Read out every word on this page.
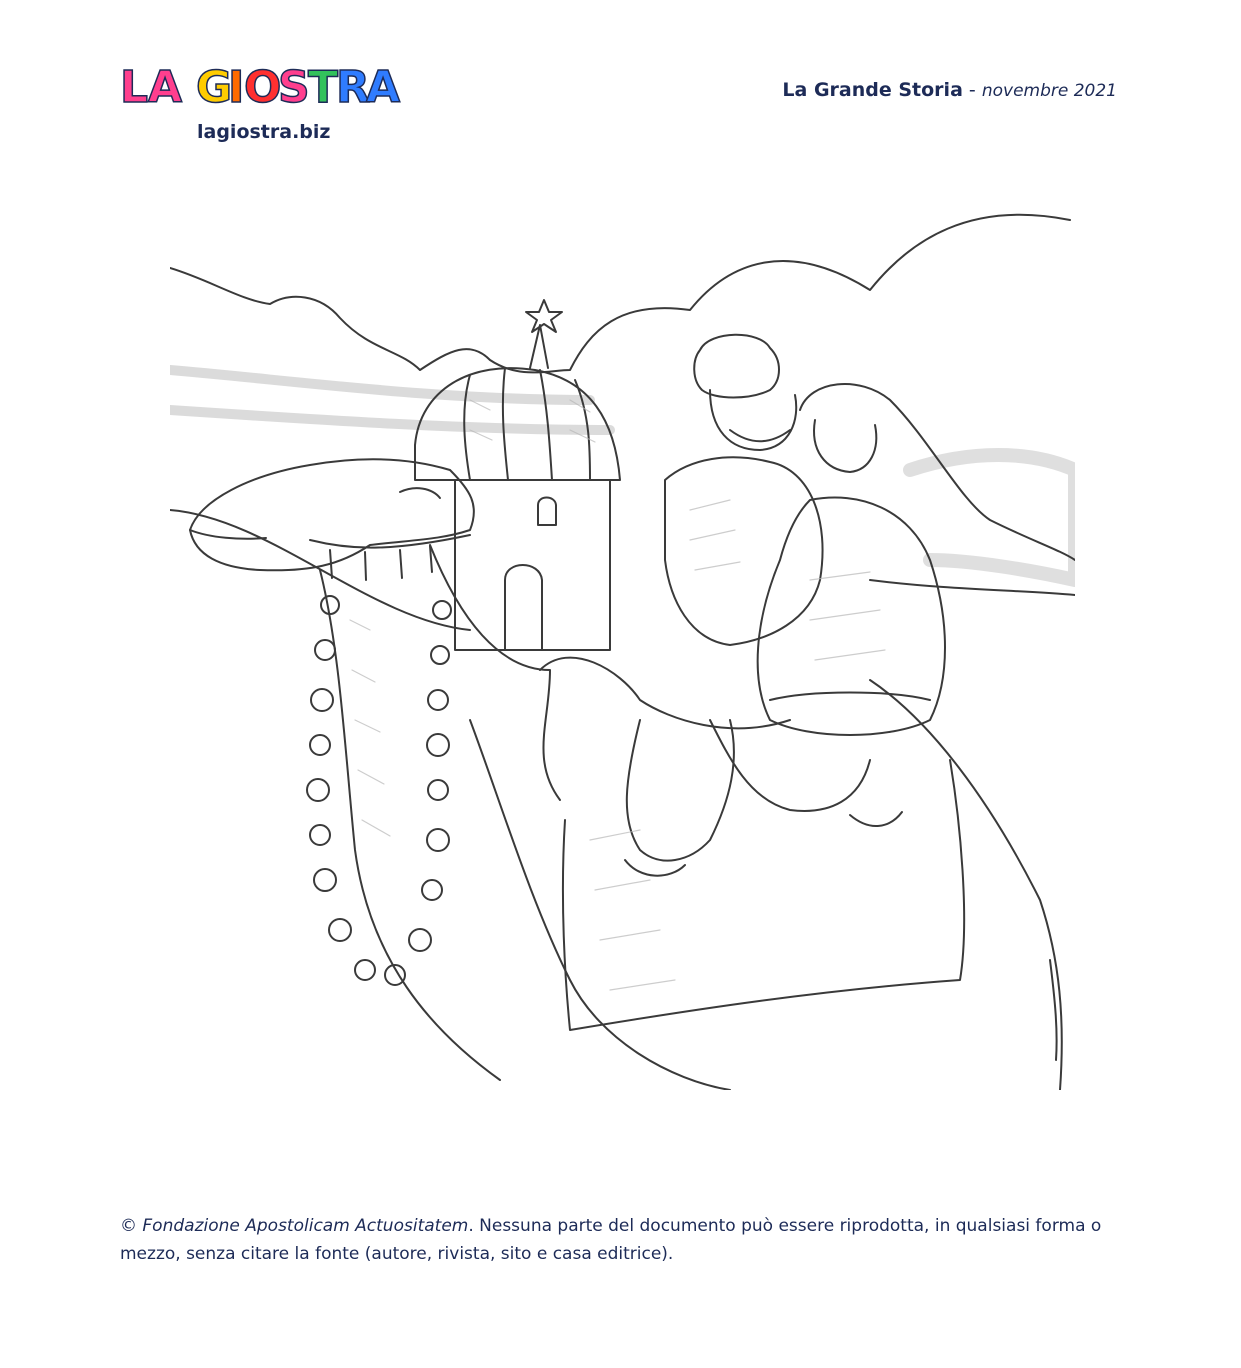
L A G
I O
S
T
R
A
lagiostra.biz
La Grande Storia - novembre 2021
© Fondazione Apostolicam Actuositatem. Nessuna parte del documento può essere riprodotta, in qualsiasi forma o mezzo, senza citare la fonte (autore, rivista, sito e casa editrice).
